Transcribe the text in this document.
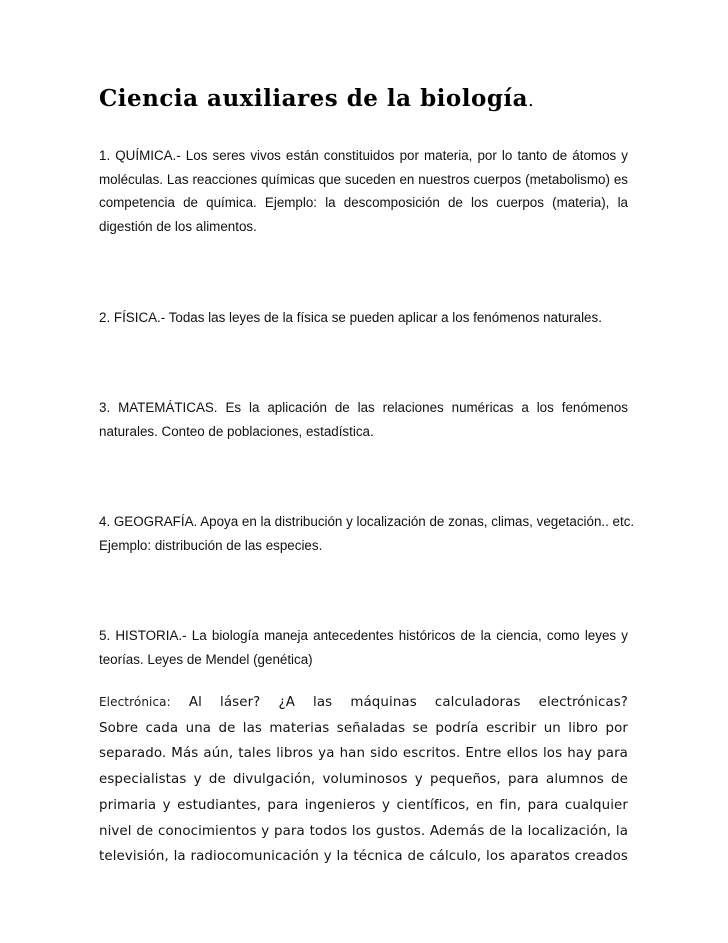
Ciencia auxiliares de la biología.
1. QUÍMICA.- Los seres vivos están constituidos por materia, por lo tanto de átomos y
moléculas. Las reacciones químicas que suceden en nuestros cuerpos (metabolismo) es
competencia de química. Ejemplo: la descomposición de los cuerpos (materia), la
digestión de los alimentos.
2. FÍSICA.- Todas las leyes de la física se pueden aplicar a los fenómenos naturales.
3. MATEMÁTICAS. Es la aplicación de las relaciones numéricas a los fenómenos
naturales. Conteo de poblaciones, estadística.
4. GEOGRAFÍA. Apoya en la distribución y localización de zonas, climas, vegetación.. etc.
Ejemplo: distribución de las especies.
5. HISTORIA.- La biología maneja antecedentes históricos de la ciencia, como leyes y
teorías. Leyes de Mendel (genética)
Electrónica: Al láser? ¿A las máquinas calculadoras electrónicas?
Sobre cada una de las materias señaladas se podría escribir un libro por
separado. Más aún, tales libros ya han sido escritos. Entre ellos los hay para
especialistas y de divulgación, voluminosos y pequeños, para alumnos de
primaria y estudiantes, para ingenieros y científicos, en fin, para cualquier
nivel de conocimientos y para todos los gustos. Además de la localización, la
televisión, la radiocomunicación y la técnica de cálculo, los aparatos creados
